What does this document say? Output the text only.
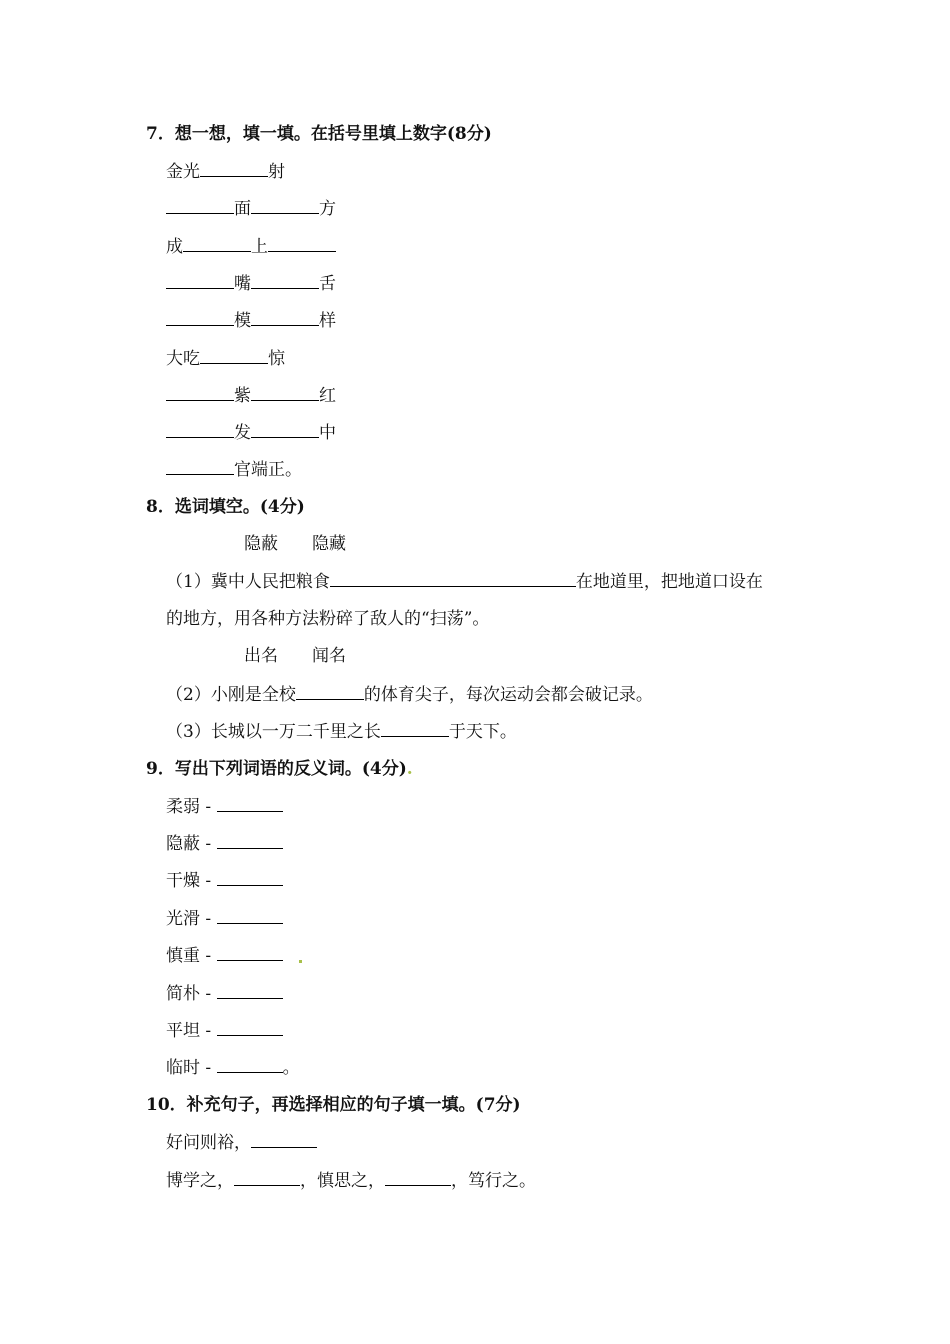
7．想一想，填一填。在括号里填上数字(8分)
金光	射
面	方
成	上
嘴	舌
模	样
大吃	惊
紫	红
发	中
官端正。
8．选词填空。(4分)
隐蔽　　隐藏
（1）冀中人民把粮食	在地道里，把地道口设在
的地方，用各种方法粉碎了敌人的“扫荡”。
出名　　闻名
（2）小刚是全校	的体育尖子，每次运动会都会破记录。
（3）长城以一万二千里之长	于天下。
9．写出下列词语的反义词。(4分).
柔弱 -
隐蔽 -
干燥 -
光滑 -
慎重 -
简朴 -
平坦 -
临时 -	。
10．补充句子，再选择相应的句子填一填。(7分)
好问则裕，
博学之，	，慎思之，	，笃行之。
